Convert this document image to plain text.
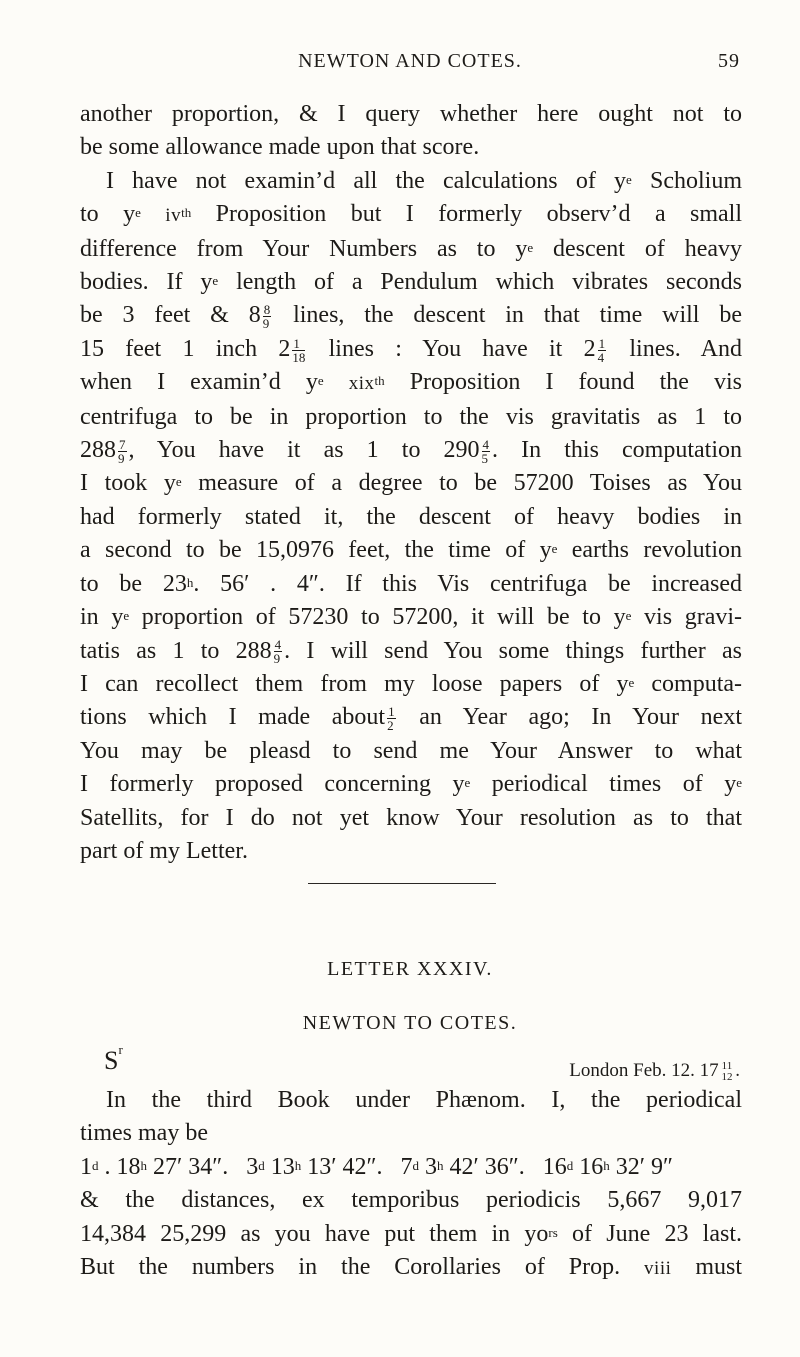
NEWTON AND COTES.	59

another proportion, & I query whether here ought not to

be some allowance made upon that score.

I have not examin’d all the calculations of $y^e$ Scholium

to $y^e$ $iv^{th}$ Proposition but I formerly observ’d a small

difference from Your Numbers as to $y^e$ descent of heavy

bodies. If $y^e$ length of a Pendulum which vibrates seconds

be 3 feet & $8 \frac{8}{9}$ lines, the descent in that time will be

15 feet 1 inch $2 \frac{1}{18}$ lines : You have it $2 \frac{1}{4}$ lines. And

when I examin’d $y^e$ xix$^{th}$ Proposition I found the vis

centrifuga to be in proportion to the vis gravitatis as 1 to

$288 \frac{7}{9}$ , You have it as 1 to $290 \frac{4}{5}$ . In this computation

I took $y^e$ measure of a degree to be 57200 Toises as You

had formerly stated it, the descent of heavy bodies in

a second to be 15,0976 feet, the time of $y^e$ earths revolution

to be 23$^h$. 56′ . 4″. If this Vis centrifuga be increased

in $y^e$ proportion of 57230 to 57200, it will be to $y^e$ vis gravi-

tatis as 1 to $288 \frac{4}{9}$ . I will send You some things further as

I can recollect them from my loose papers of $y^e$ computa-

tions which I made about $\frac{1}{2}$ an Year ago; In Your next

You may be pleasd to send me Your Answer to what

I formerly proposed concerning $y^e$ periodical times of $y^e$

Satellits, for I do not yet know Your resolution as to that

part of my Letter.

LETTER XXXIV.
NEWTON TO COTES.
$S^r$
London Feb. 12. 17 11
12 .

In the third Book under Phænom. I, the periodical

times may be

1$^d$ . 18$^h$ 27′ 34″.   3$^d$ 13$^h$ 13′ 42″.   7$^d$ 3$^h$ 42′ 36″.   16$^d$ 16$^h$ 32′ 9″

& the distances, ex temporibus periodicis 5,667 9,017

14,384 25,299 as you have put them in $yo^{rs}$ of June 23 last.

But the numbers in the Corollaries of Prop. viii must
